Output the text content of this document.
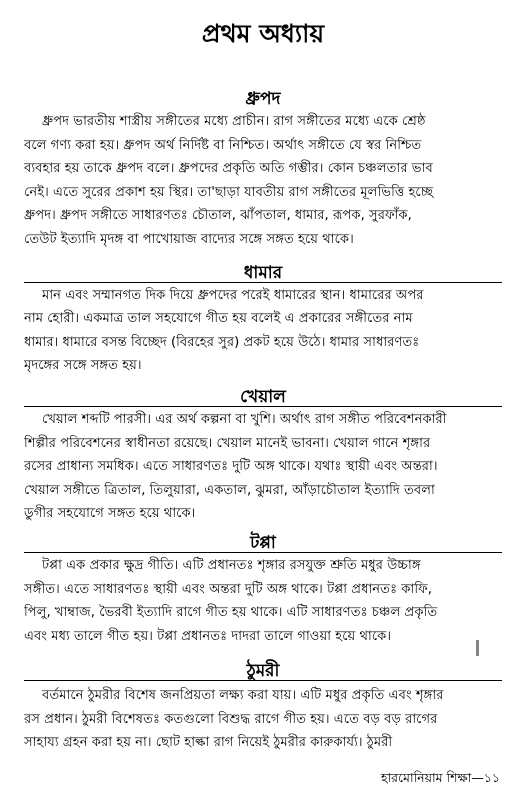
প্রথম অধ্যায়
ধ্রুপদ

ধ্রুপদ ভারতীয় শাস্ত্রীয় সঙ্গীতের মধ্যে প্রাচীন। রাগ সঙ্গীতের মধ্যে একে শ্রেষ্ঠ
বলে গণ্য করা হয়। ধ্রুপদ অর্থ নির্দিষ্ট বা নিশ্চিত। অর্থাৎ সঙ্গীতে যে স্বর নিশ্চিত
ব্যবহার হয় তাকে ধ্রুপদ বলে। ধ্রুপদের প্রকৃতি অতি গম্ভীর। কোন চঞ্চলতার ভাব
নেই। এতে সুরের প্রকাশ হয় স্থির। তা'ছাড়া যাবতীয় রাগ সঙ্গীতের মূলভিত্তি হচ্ছে
ধ্রুপদ। ধ্রুপদ সঙ্গীতে সাধারণতঃ চৌতাল, ঝাঁপতাল, ধামার, রূপক, সুরফাঁক,
তেউট ইত্যাদি মৃদঙ্গ বা পাখোয়াজ বাদ্যের সঙ্গে সঙ্গত হয়ে থাকে।

ধামার

মান এবং সম্মানগত দিক দিয়ে ধ্রুপদের পরেই ধামারের স্থান। ধামারের অপর
নাম হোরী। একমাত্র তাল সহযোগে গীত হয় বলেই এ প্রকারের সঙ্গীতের নাম
ধামার। ধামারে বসন্ত বিচ্ছেদ (বিরহের সুর) প্রকট হয়ে উঠে। ধামার সাধারণতঃ
মৃদঙ্গের সঙ্গে সঙ্গত হয়।

খেয়াল

খেয়াল শব্দটি পারসী। এর অর্থ কল্পনা বা খুশি। অর্থাৎ রাগ সঙ্গীত পরিবেশনকারী
শিল্পীর পরিবেশনের স্বাধীনতা রয়েছে। খেয়াল মানেই ভাবনা। খেয়াল গানে শৃঙ্গার
রসের প্রাধান্য সমধিক। এতে সাধারণতঃ দুটি অঙ্গ থাকে। যথাঃ স্থায়ী এবং অন্তরা।
খেয়াল সঙ্গীতে ত্রিতাল, তিলুয়ারা, একতাল, ঝুমরা, আঁড়াচৌতাল ইত্যাদি তবলা
ডুগীর সহযোগে সঙ্গত হয়ে থাকে।

টপ্পা

টপ্পা এক প্রকার ক্ষুদ্র গীতি। এটি প্রধানতঃ শৃঙ্গার রসযুক্ত শ্রুতি মধুর উচ্চাঙ্গ
সঙ্গীত। এতে সাধারণতঃ স্থায়ী এবং অন্তরা দুটি অঙ্গ থাকে। টপ্পা প্রধানতঃ কাফি,
পিলু, খাম্বাজ, ভৈরবী ইত্যাদি রাগে গীত হয় থাকে। এটি সাধারণতঃ চঞ্চল প্রকৃতি
এবং মধ্য তালে গীত হয়। টপ্পা প্রধানতঃ দাদরা তালে গাওয়া হয়ে থাকে।

ঠুমরী

বর্তমানে ঠুমরীর বিশেষ জনপ্রিয়তা লক্ষ্য করা যায়। এটি মধুর প্রকৃতি এবং শৃঙ্গার
রস প্রধান। ঠুমরী বিশেষতঃ কতগুলো বিশুদ্ধ রাগে গীত হয়। এতে বড় বড় রাগের
সাহায্য গ্রহন করা হয় না। ছোট হাল্কা রাগ নিয়েই ঠুমরীর কারুকার্য্য। ঠুমরী

হারমোনিয়াম শিক্ষা—১১
